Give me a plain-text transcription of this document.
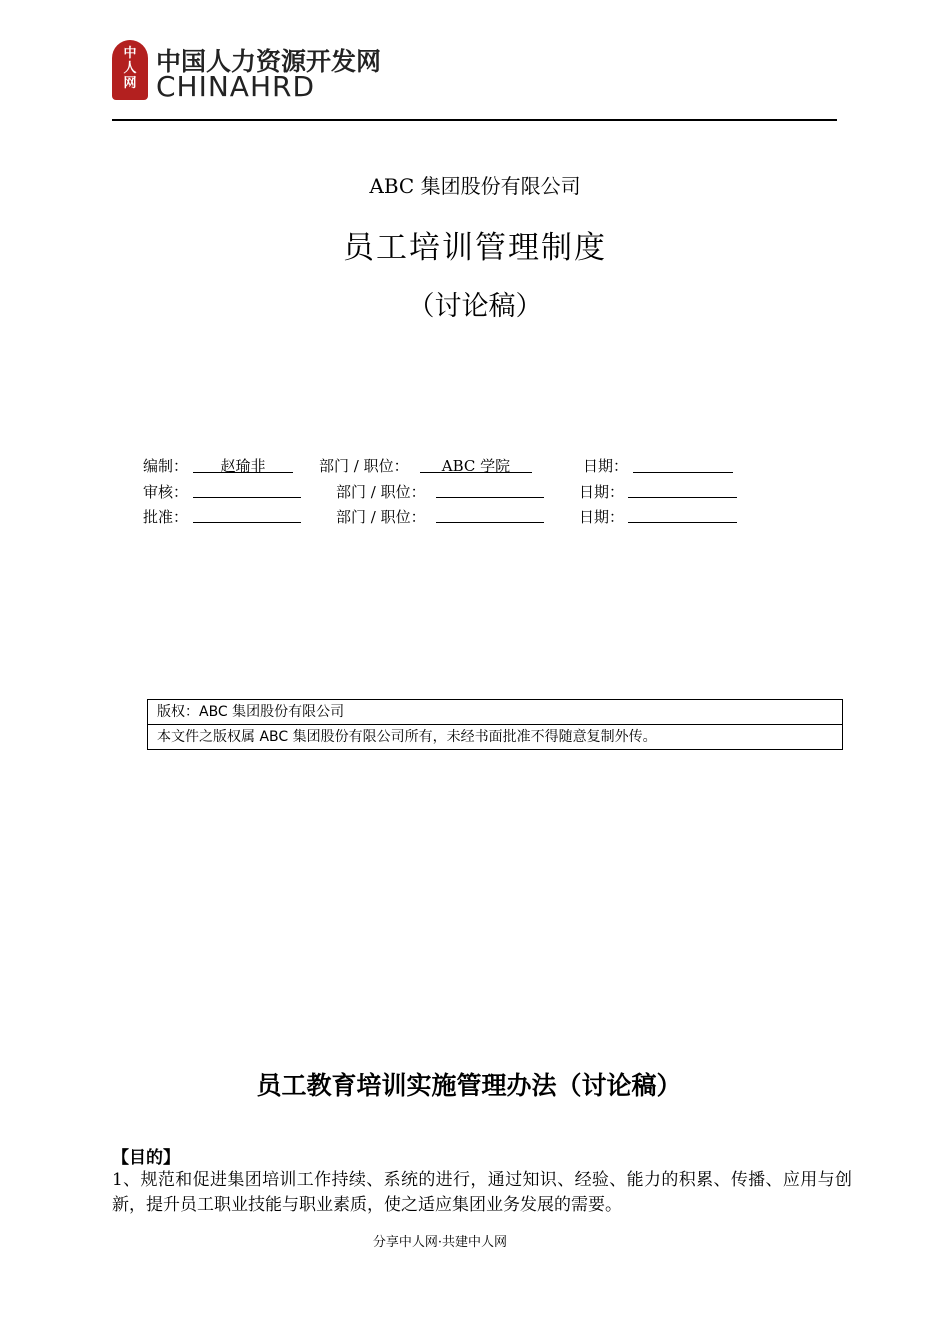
中
人
网
中国人力资源开发网
CHINAHRD
ABC 集团股份有限公司
员工培训管理制度
（讨论稿）
编制：	赵瑜非	部门 / 职位：	ABC 学院	日期：
审核：	部门 / 职位：	日期：
批准：	部门 / 职位：	日期：
版权：ABC 集团股份有限公司
本文件之版权属 ABC 集团股份有限公司所有，未经书面批准不得随意复制外传。
员工教育培训实施管理办法（讨论稿）
【目的】
1、规范和促进集团培训工作持续、系统的进行，通过知识、经验、能力的积累、传播、应用与创新，提升员工职业技能与职业素质，使之适应集团业务发展的需要。
分享中人网·共建中人网
